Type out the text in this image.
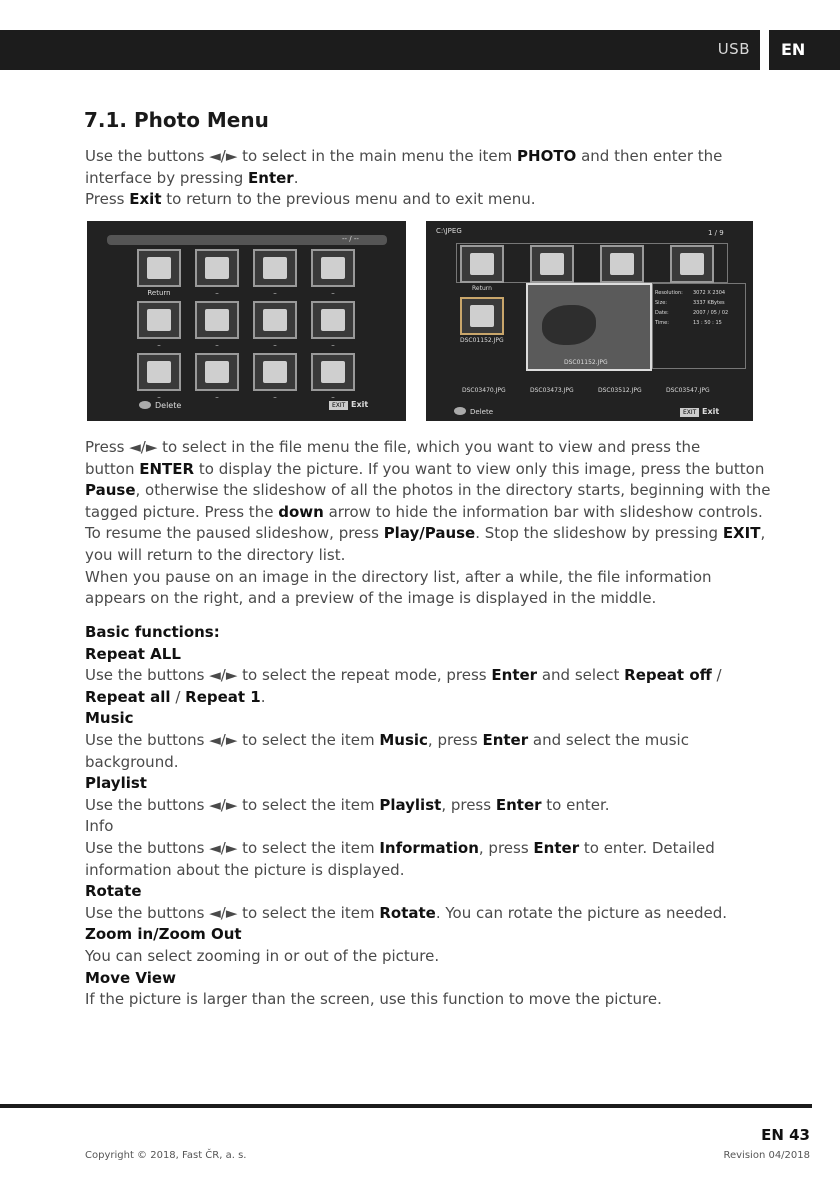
USB	EN
7.1. Photo Menu
Use the buttons ◄/► to select in the main menu the item PHOTO and then enter the
interface by pressing Enter.
Press Exit to return to the previous menu and to exit menu.
-- / --
Return	–	–	–
–	–	–	–
–	–	–	–
Delete	EXIT Exit
C:\JPEG	1 / 9
Return
DSC01152.JPG
DSC01152.JPG
Resolution: 3072 X 2304
Size:	3337 KBytes
Date:	2007 / 05 / 02
Time:	13 : 50 : 15
DSC03470.JPG	DSC03473.JPG	DSC03512.JPG	DSC03547.JPG
Delete	EXIT Exit
Press ◄/► to select in the file menu the file, which you want to view and press the
button ENTER to display the picture. If you want to view only this image, press the button
Pause, otherwise the slideshow of all the photos in the directory starts, beginning with the
tagged picture. Press the down arrow to hide the information bar with slideshow controls.
To resume the paused slideshow, press Play/Pause. Stop the slideshow by pressing EXIT,
you will return to the directory list.
When you pause on an image in the directory list, after a while, the file information
appears on the right, and a preview of the image is displayed in the middle.
Basic functions:
Repeat ALL
Use the buttons ◄/► to select the repeat mode, press Enter and select Repeat off /
Repeat all / Repeat 1.
Music
Use the buttons ◄/► to select the item Music, press Enter and select the music
background.
Playlist
Use the buttons ◄/► to select the item Playlist, press Enter to enter.
Info
Use the buttons ◄/► to select the item Information, press Enter to enter. Detailed
information about the picture is displayed.
Rotate
Use the buttons ◄/► to select the item Rotate. You can rotate the picture as needed.
Zoom in/Zoom Out
You can select zooming in or out of the picture.
Move View
If the picture is larger than the screen, use this function to move the picture.
EN 43
Copyright © 2018, Fast ČR, a. s.	Revision 04/2018
